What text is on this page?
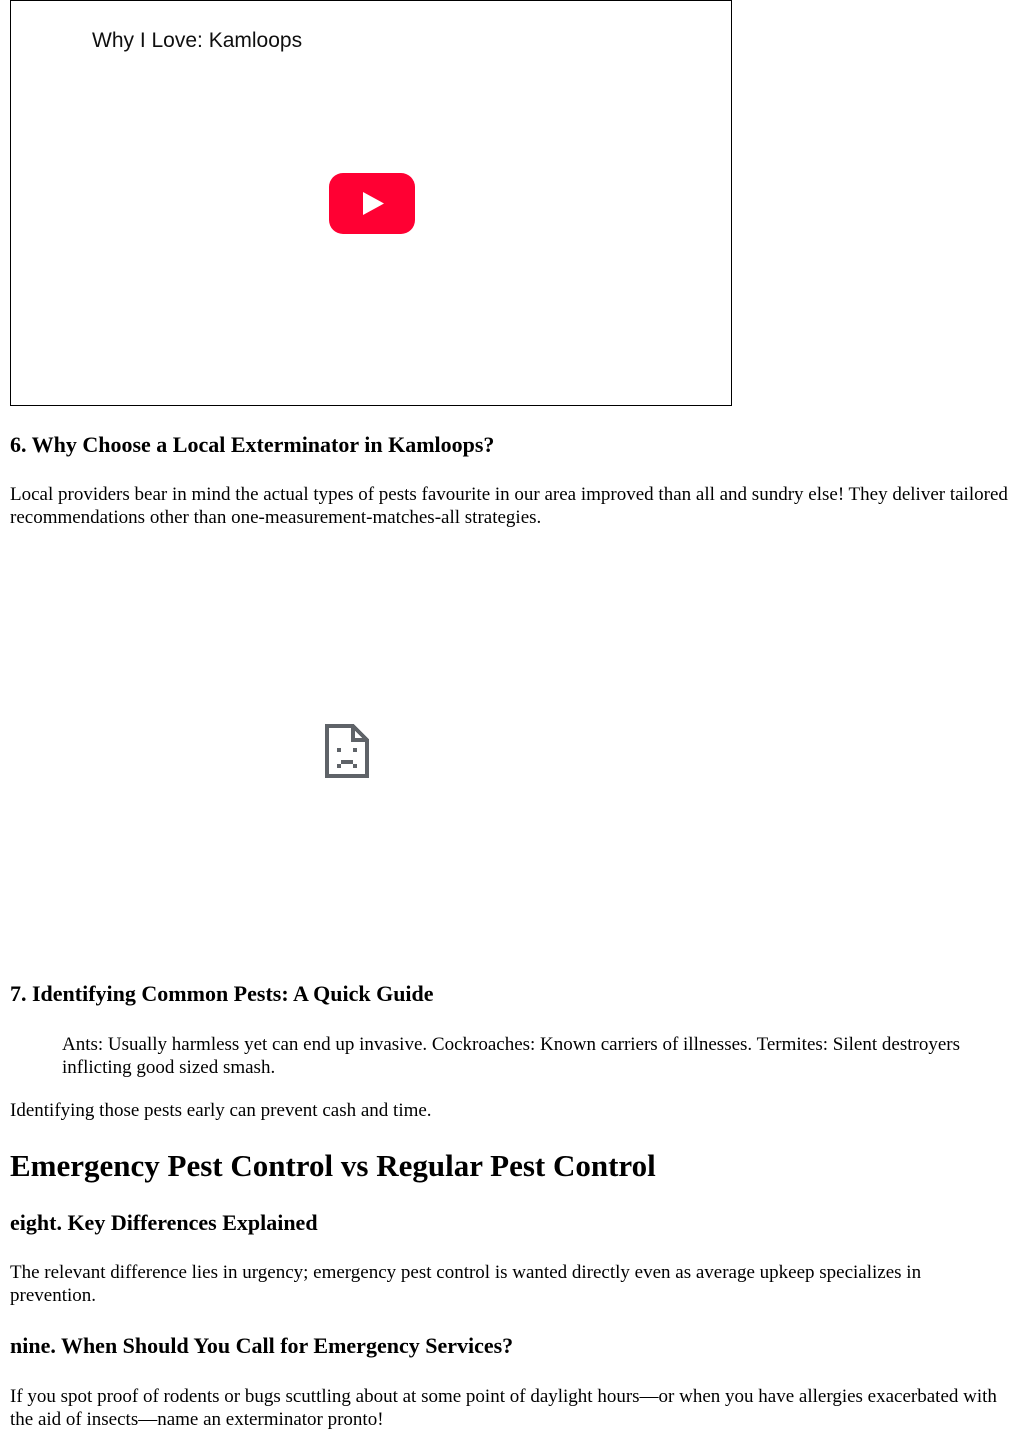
Why I Love: Kamloops
6. Why Choose a Local Exterminator in Kamloops?

Local providers bear in mind the actual types of pests favourite in our area improved than all and sundry else! They deliver tailored recommendations other than one-measurement-matches-all strategies.

7. Identifying Common Pests: A Quick Guide

Ants: Usually harmless yet can end up invasive. Cockroaches: Known carriers of illnesses. Termites: Silent destroyers inflicting good sized smash.

Identifying those pests early can prevent cash and time.

Emergency Pest Control vs Regular Pest Control
eight. Key Differences Explained

The relevant difference lies in urgency; emergency pest control is wanted directly even as average upkeep specializes in prevention.

nine. When Should You Call for Emergency Services?

If you spot proof of rodents or bugs scuttling about at some point of daylight hours—or when you have allergies exacerbated with the aid of insects—name an exterminator pronto!
